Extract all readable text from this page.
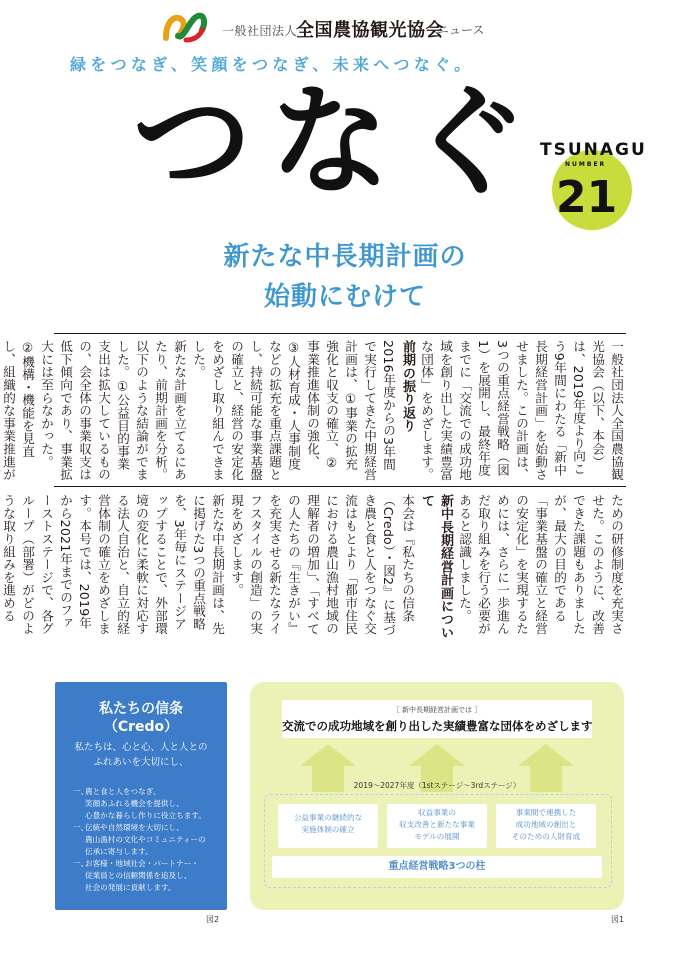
一般社団法人
全国農協観光協会
ニュース
緑をつなぎ、笑顔をつなぎ、未来へつなぐ。
つなぐ
TSUNAGU
NUMBER
21
新たな中長期計画の
始動にむけて
一般社団法人全国農協観光協会（以下、本会）は、2019年度より向こう9年間にわたる「新中長期経営計画」を始動させました。この計画は、3つの重点経営戦略（図1）を展開し、最終年度までに「交流での成功地域を創り出した実績豊富な団体」をめざします。
前期の振り返り
2016年度からの3年間で実行してきた中期経営計画は、①事業の拡充強化と収支の確立、②事業推進体制の強化、③人材育成・人事制度などの拡充を重点課題とし、持続可能な事業基盤の確立と、経営の安定化をめざし取り組んできました。
新たな計画を立てるにあたり、前期計画を分析。以下のような結論がでました。①公益目的事業支出は拡大しているものの、会全体の事業収支は低下傾向であり、事業拡大には至らなかった。②機構・機能を見直し、組織的な事業推進が
ための研修制度を充実させた。このように、改善できた課題もありましたが、最大の目的である「事業基盤の確立と経営の安定化」を実現するためには、さらに一歩進んだ取り組みを行う必要があると認識しました。
新中長期経営計画について
本会は『私たちの信条（Credo）・図2』に基づき農と食と人をつなぐ交流はもとより「都市住民における農山漁村地域の理解者の増加」、「すべての人たちの『生きがい』を充実させる新たなライフスタイルの創造」の実現をめざします。
新たな中長期計画は、先に掲げた3つの重点戦略を、3年毎にステージアップすることで、外部環境の変化に柔軟に対応する法人自治と、自立的経営体制の確立をめざします。本号では、2019年から2021年までのファーストステージで、各グループ（部署）がどのような取り組みを進める
私たちの信条
（Credo）
私たちは、心と心、人と人との
ふれあいを大切にし、
一、
農と食と人をつなぎ、
笑顔あふれる機会を提供し、
心豊かな暮らし作りに役立ちます。
一、
伝統や自然環境を大切にし、
農山漁村の文化やコミュニティーの
伝承に寄与します。
一、
お客様・地域社会・パートナー・
従業員との信頼関係を追及し、
社会の発展に貢献します。
図2
［ 新中長期経営計画では ］
交流での成功地域を創り出した実績豊富な団体をめざします
2019～2027年度（1stステージ～3rdステージ）
公益事業の継続的な
実施体制の確立
収益事業の
収支改善と新たな事業
モデルの展開
事業間で連携した
成功地域の創出と
そのための人財育成
重点経営戦略3つの柱
図1
